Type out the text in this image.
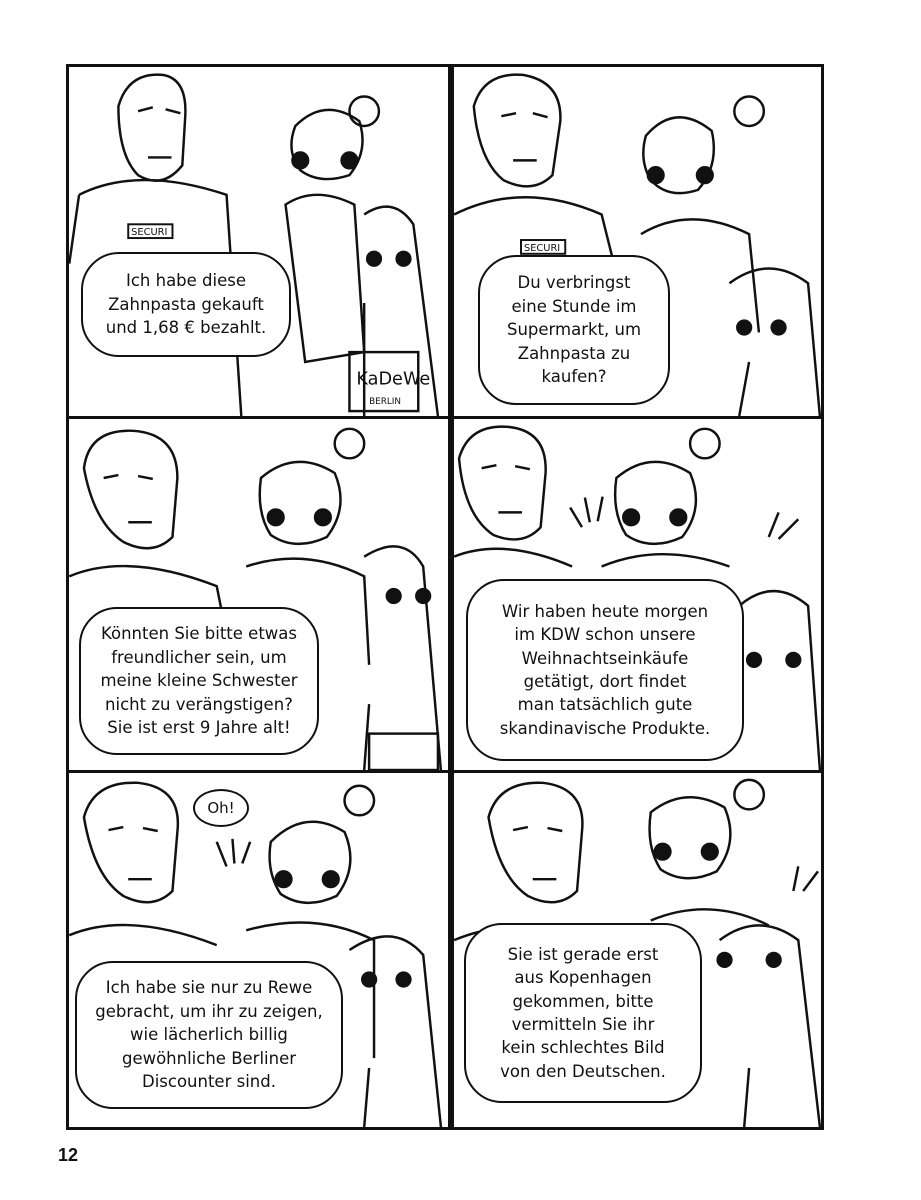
SECURI
KaDeWe
BERLIN
Ich habe diese
Zahnpasta gekauft
und 1,68 € bezahlt.
SECURI
Du verbringst
eine Stunde im
Supermarkt, um
Zahnpasta zu
kaufen?
Könnten Sie bitte etwas
freundlicher sein, um
meine kleine Schwester
nicht zu verängstigen?
Sie ist erst 9 Jahre alt!
Wir haben heute morgen
im KDW schon unsere
Weihnachtseinkäufe
getätigt, dort findet
man tatsächlich gute
skandinavische Produkte.
Oh!
Ich habe sie nur zu Rewe
gebracht, um ihr zu zeigen,
wie lächerlich billig
gewöhnliche Berliner
Discounter sind.
Sie ist gerade erst
aus Kopenhagen
gekommen, bitte
vermitteln Sie ihr
kein schlechtes Bild
von den Deutschen.
12
